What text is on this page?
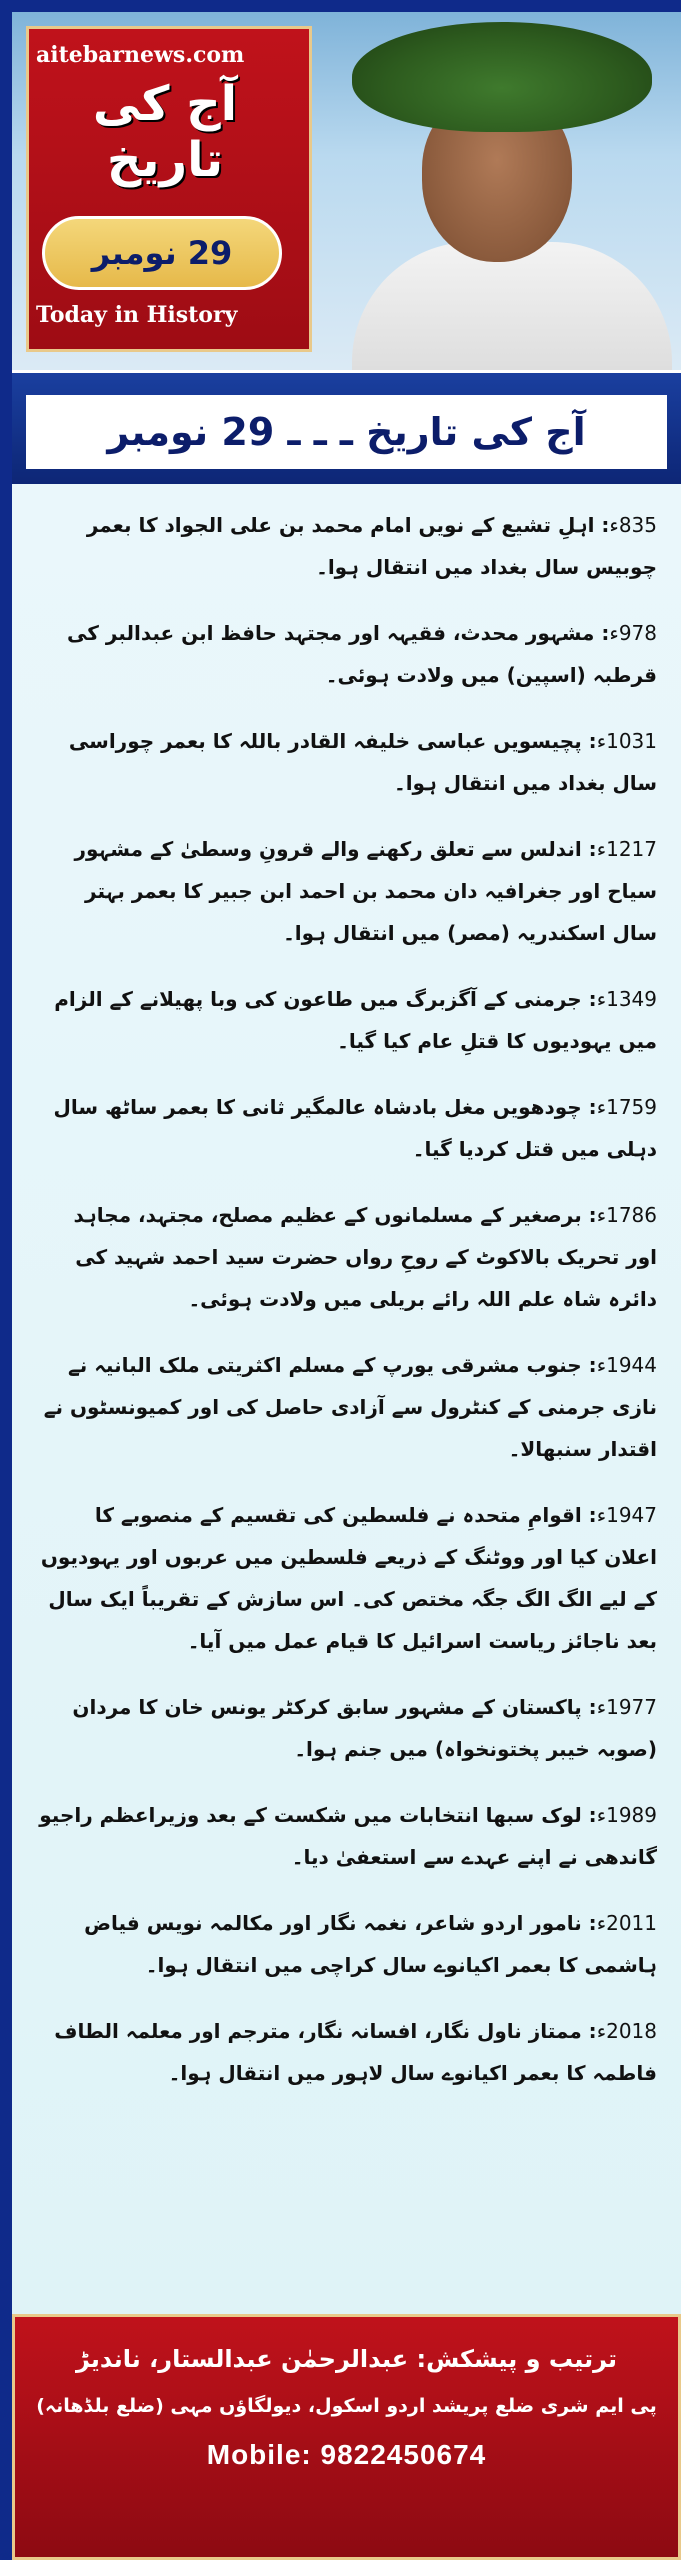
aitebarnews.com
آج کی تاریخ
29 نومبر
Today in History
آج کی تاریخ ـ ـ ـ 29 نومبر
835ء: اہلِ تشیع کے نویں امام محمد بن علی الجواد کا بعمر چوبیس سال بغداد میں انتقال ہوا۔
978ء: مشہور محدث، فقیہہ اور مجتہد حافظ ابن عبدالبر کی قرطبہ (اسپین) میں ولادت ہوئی۔
1031ء: پچیسویں عباسی خلیفہ القادر باللہ کا بعمر چوراسی سال بغداد میں انتقال ہوا۔
1217ء: اندلس سے تعلق رکھنے والے قرونِ وسطیٰ کے مشہور سیاح اور جغرافیہ دان محمد بن احمد ابن جبیر کا بعمر بہتر سال اسکندریہ (مصر) میں انتقال ہوا۔
1349ء: جرمنی کے آگزبرگ میں طاعون کی وبا پھیلانے کے الزام میں یہودیوں کا قتلِ عام کیا گیا۔
1759ء: چودھویں مغل بادشاہ عالمگیر ثانی کا بعمر ساٹھ سال دہلی میں قتل کردیا گیا۔
1786ء: برصغیر کے مسلمانوں کے عظیم مصلح، مجتہد، مجاہد اور تحریک بالاکوٹ کے روحِ رواں حضرت سید احمد شہید کی دائرہ شاہ علم اللہ رائے بریلی میں ولادت ہوئی۔
1944ء: جنوب مشرقی یورپ کے مسلم اکثریتی ملک البانیہ نے نازی جرمنی کے کنٹرول سے آزادی حاصل کی اور کمیونسٹوں نے اقتدار سنبھالا۔
1947ء: اقوامِ متحدہ نے فلسطین کی تقسیم کے منصوبے کا اعلان کیا اور ووٹنگ کے ذریعے فلسطین میں عربوں اور یہودیوں کے لیے الگ الگ جگہ مختص کی۔ اس سازش کے تقریباً ایک سال بعد ناجائز ریاست اسرائیل کا قیام عمل میں آیا۔
1977ء: پاکستان کے مشہور سابق کرکٹر یونس خان کا مردان (صوبہ خیبر پختونخواہ) میں جنم ہوا۔
1989ء: لوک سبھا انتخابات میں شکست کے بعد وزیراعظم راجیو گاندھی نے اپنے عہدے سے استعفیٰ دیا۔
2011ء: نامور اردو شاعر، نغمہ نگار اور مکالمہ نویس فیاض ہاشمی کا بعمر اکیانوے سال کراچی میں انتقال ہوا۔
2018ء: ممتاز ناول نگار، افسانہ نگار، مترجم اور معلمہ الطاف فاطمہ کا بعمر اکیانوے سال لاہور میں انتقال ہوا۔
ترتیب و پیشکش: عبدالرحمٰن عبدالستار، ناندیڑ
پی ایم شری ضلع پریشد اردو اسکول، دیولگاؤں مہی (ضلع بلڈھانہ)
Mobile: 9822450674
